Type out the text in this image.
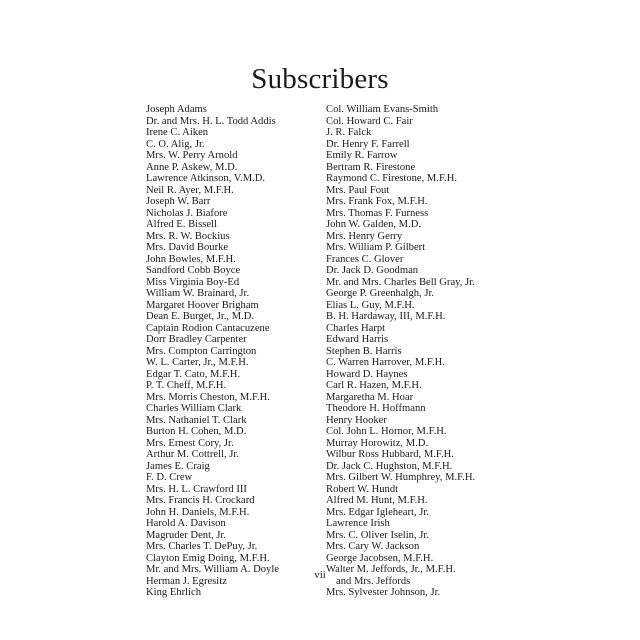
Subscribers
Joseph Adams
Dr. and Mrs. H. L. Todd Addis
Irene C. Aiken
C. O. Alig, Jr.
Mrs. W. Perry Arnold
Anne P. Askew, M.D.
Lawrence Atkinson, V.M.D.
Neil R. Ayer, M.F.H.
Joseph W. Barr
Nicholas J. Biafore
Alfred E. Bissell
Mrs. R. W. Bockius
Mrs. David Bourke
John Bowles, M.F.H.
Sandford Cobb Boyce
Miss Virginia Boy-Ed
William W. Brainard, Jr.
Margaret Hoover Brigham
Dean E. Burget, Jr., M.D.
Captain Rodion Cantacuzene
Dorr Bradley Carpenter
Mrs. Compton Carrington
W. L. Carter, Jr., M.F.H.
Edgar T. Cato, M.F.H.
P. T. Cheff, M.F.H.
Mrs. Morris Cheston, M.F.H.
Charles William Clark
Mrs. Nathaniel T. Clark
Burton H. Cohen, M.D.
Mrs. Ernest Cory, Jr.
Arthur M. Cottrell, Jr.
James E. Craig
F. D. Crew
Mrs. H. L. Crawford III
Mrs. Francis H. Crockard
John H. Daniels, M.F.H.
Harold A. Davison
Magruder Dent, Jr.
Mrs. Charles T. DePuy, Jr.
Clayton Emig Doing, M.F.H.
Mr. and Mrs. William A. Doyle
Herman J. Egresitz
King Ehrlich
Col. William Evans-Smith
Col. Howard C. Fair
J. R. Falck
Dr. Henry F. Farrell
Emily R. Farrow
Bertram R. Firestone
Raymond C. Firestone, M.F.H.
Mrs. Paul Fout
Mrs. Frank Fox, M.F.H.
Mrs. Thomas F. Furness
John W. Galden, M.D.
Mrs. Henry Gerry
Mrs. William P. Gilbert
Frances C. Glover
Dr. Jack D. Goodman
Mr. and Mrs. Charles Bell Gray, Jr.
George P. Greenhalgh, Jr.
Elias L. Guy, M.F.H.
B. H. Hardaway, III, M.F.H.
Charles Harpt
Edward Harris
Stephen B. Harris
C. Warren Harrover, M.F.H.
Howard D. Haynes
Carl R. Hazen, M.F.H.
Margaretha M. Hoar
Theodore H. Hoffmann
Henry Hooker
Col. John L. Hornor, M.F.H.
Murray Horowitz, M.D.
Wilbur Ross Hubbard, M.F.H.
Dr. Jack C. Hughston, M.F.H.
Mrs. Gilbert W. Humphrey, M.F.H.
Robert W. Hundt
Alfred M. Hunt, M.F.H.
Mrs. Edgar Igleheart, Jr.
Lawrence Irish
Mrs. C. Oliver Iselin, Jr.
Mrs. Cary W. Jackson
George Jacobsen, M.F.H.
Walter M. Jeffords, Jr., M.F.H.
and Mrs. Jeffords
Mrs. Sylvester Johnson, Jr.
vii
